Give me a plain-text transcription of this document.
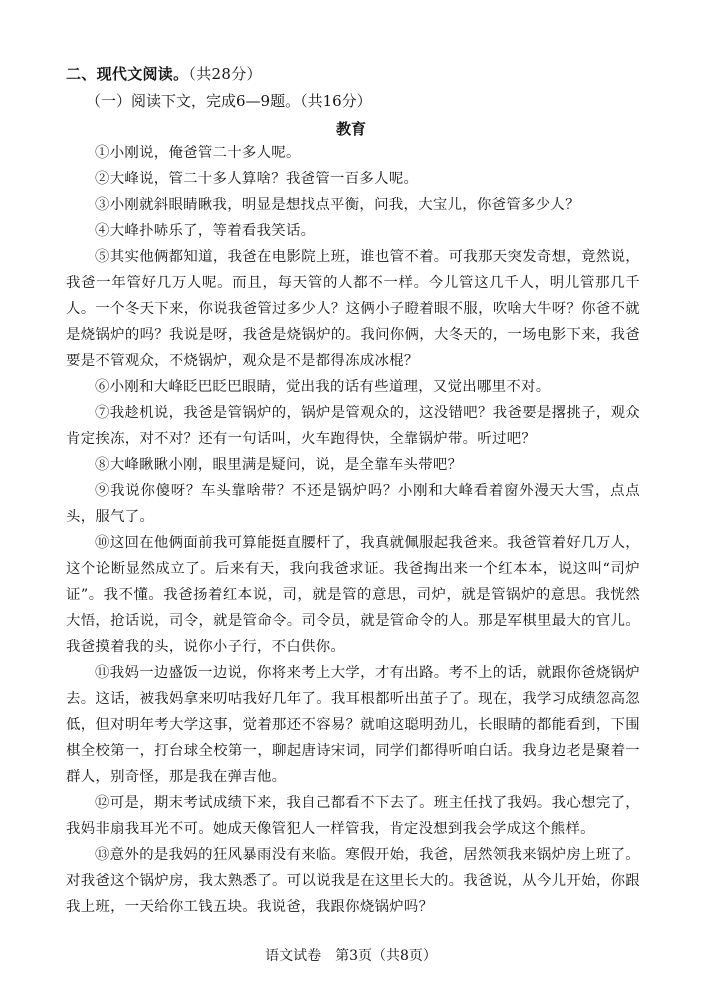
二、现代文阅读。（共28分）
（一）阅读下文，完成6—9题。（共16分）
教育

①小刚说，俺爸管二十多人呢。

②大峰说，管二十多人算啥？我爸管一百多人呢。

③小刚就斜眼睛瞅我，明显是想找点平衡，问我，大宝儿，你爸管多少人？

④大峰扑哧乐了，等着看我笑话。

⑤其实他俩都知道，我爸在电影院上班，谁也管不着。可我那天突发奇想，竟然说，我爸一年管好几万人呢。而且，每天管的人都不一样。今儿管这几千人，明儿管那几千人。一个冬天下来，你说我爸管过多少人？这俩小子瞪着眼不服，吹啥大牛呀？你爸不就是烧锅炉的吗？我说是呀，我爸是烧锅炉的。我问你俩，大冬天的，一场电影下来，我爸要是不管观众，不烧锅炉，观众是不是都得冻成冰棍？

⑥小刚和大峰眨巴眨巴眼睛，觉出我的话有些道理，又觉出哪里不对。

⑦我趁机说，我爸是管锅炉的，锅炉是管观众的，这没错吧？我爸要是撂挑子，观众肯定挨冻，对不对？还有一句话叫，火车跑得快，全靠锅炉带。听过吧？

⑧大峰瞅瞅小刚，眼里满是疑问，说，是全靠车头带吧？

⑨我说你傻呀？车头靠啥带？不还是锅炉吗？小刚和大峰看着窗外漫天大雪，点点头，服气了。

⑩这回在他俩面前我可算能挺直腰杆了，我真就佩服起我爸来。我爸管着好几万人，这个论断显然成立了。后来有天，我向我爸求证。我爸掏出来一个红本本，说这叫“司炉证”。我不懂。我爸扬着红本说，司，就是管的意思，司炉，就是管锅炉的意思。我恍然大悟，抢话说，司令，就是管命令。司令员，就是管命令的人。那是军棋里最大的官儿。我爸摸着我的头，说你小子行，不白供你。

⑪我妈一边盛饭一边说，你将来考上大学，才有出路。考不上的话，就跟你爸烧锅炉去。这话，被我妈拿来叨咕我好几年了。我耳根都听出茧子了。现在，我学习成绩忽高忽低，但对明年考大学这事，觉着那还不容易？就咱这聪明劲儿，长眼睛的都能看到，下围棋全校第一，打台球全校第一，聊起唐诗宋词，同学们都得听咱白话。我身边老是聚着一群人，别奇怪，那是我在弹吉他。

⑫可是，期末考试成绩下来，我自己都看不下去了。班主任找了我妈。我心想完了，我妈非扇我耳光不可。她成天像管犯人一样管我，肯定没想到我会学成这个熊样。

⑬意外的是我妈的狂风暴雨没有来临。寒假开始，我爸，居然领我来锅炉房上班了。对我爸这个锅炉房，我太熟悉了。可以说我是在这里长大的。我爸说，从今儿开始，你跟我上班，一天给你工钱五块。我说爸，我跟你烧锅炉吗？

语文试卷　第3页（共8页）
